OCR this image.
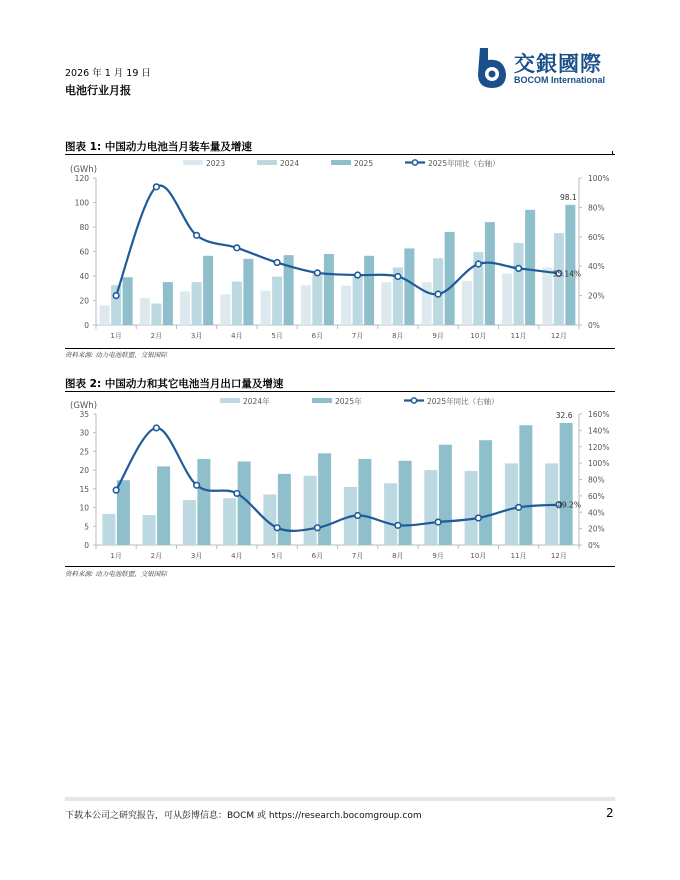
2026 年 1 月 19 日
电池行业月报
交銀國際
BOCOM International
图表 1: 中国动力电池当月装车量及增速
0
20
40
60
80
100
120
0%
20%
40%
60%
80%
100%
(GWh)
1月	2月	3月	4月	5月	6月	7月	8月	9月	10月	11月	12月
98.1
35.14%
2023	2024	2025	2025年同比（右轴）
资料来源: 动力电池联盟，交银国际
图表 2: 中国动力和其它电池当月出口量及增速
0
5
10
15
20
25
30
35
0%
20%
40%
60%
80%
100%
120%
140%
160%
(GWh)
1月	2月	3月	4月	5月	6月	7月	8月	9月	10月	11月	12月
32.6
49.2%
2024年	2025年	2025年同比（右轴）
资料来源: 动力电池联盟，交银国际
下载本公司之研究报告，可从彭博信息：BOCM 或 https://research.bocomgroup.com	2
